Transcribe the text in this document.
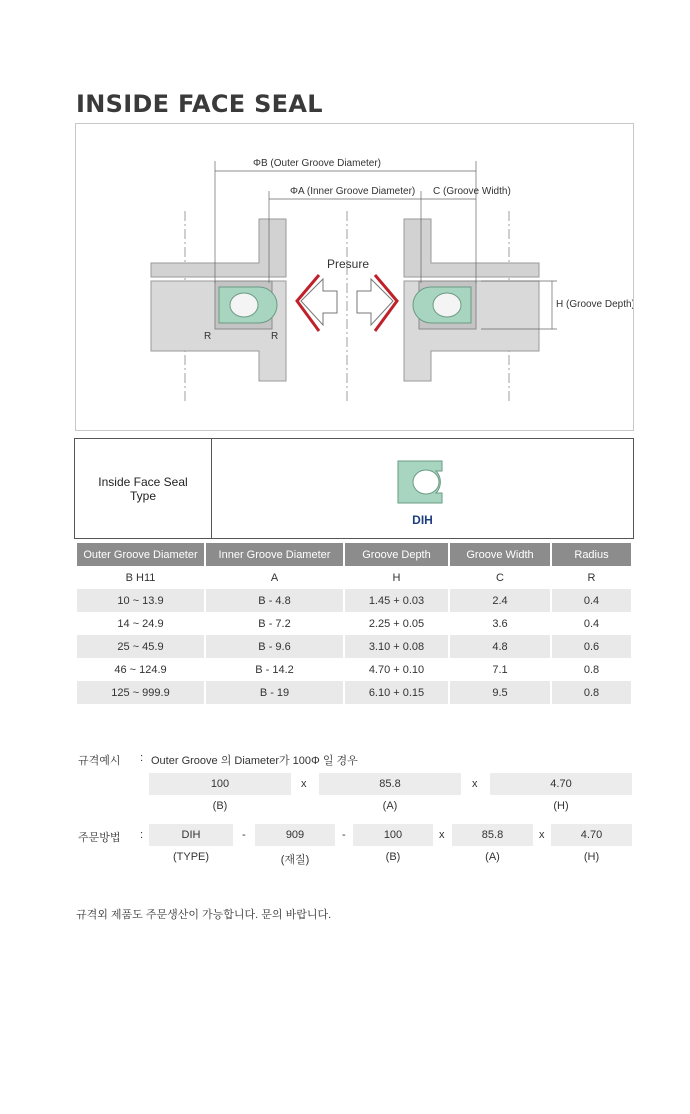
INSIDE FACE SEAL
ΦB (Outer Groove Diameter)
ΦA (Inner Groove Diameter) C (Groove Width)
H (Groove Depth)
Presure
R	R
Inside Face Seal
Type
DIH
Outer Groove Diameter	Inner Groove Diameter	Groove Depth	Groove Width	Radius
B H11	A	H	C	R
10 ~ 13.9	B - 4.8	1.45 + 0.03	2.4	0.4
14 ~ 24.9	B - 7.2	2.25 + 0.05	3.6	0.4
25 ~ 45.9	B - 9.6	3.10 + 0.08	4.8	0.6
46 ~ 124.9	B - 14.2	4.70 + 0.10	7.1	0.8
125 ~ 999.9	B - 19	6.10 + 0.15	9.5	0.8
규격예시 : Outer Groove 의 Diameter가 100Φ 일 경우
100	x	85.8	x	4.70
(B)	(A)	(H)
주문방법 :	DIH	-	909	-	100	x	85.8	x	4.70
(TYPE)	(재질)	(B)	(A)	(H)
규격외 제품도 주문생산이 가능합니다. 문의 바랍니다.
